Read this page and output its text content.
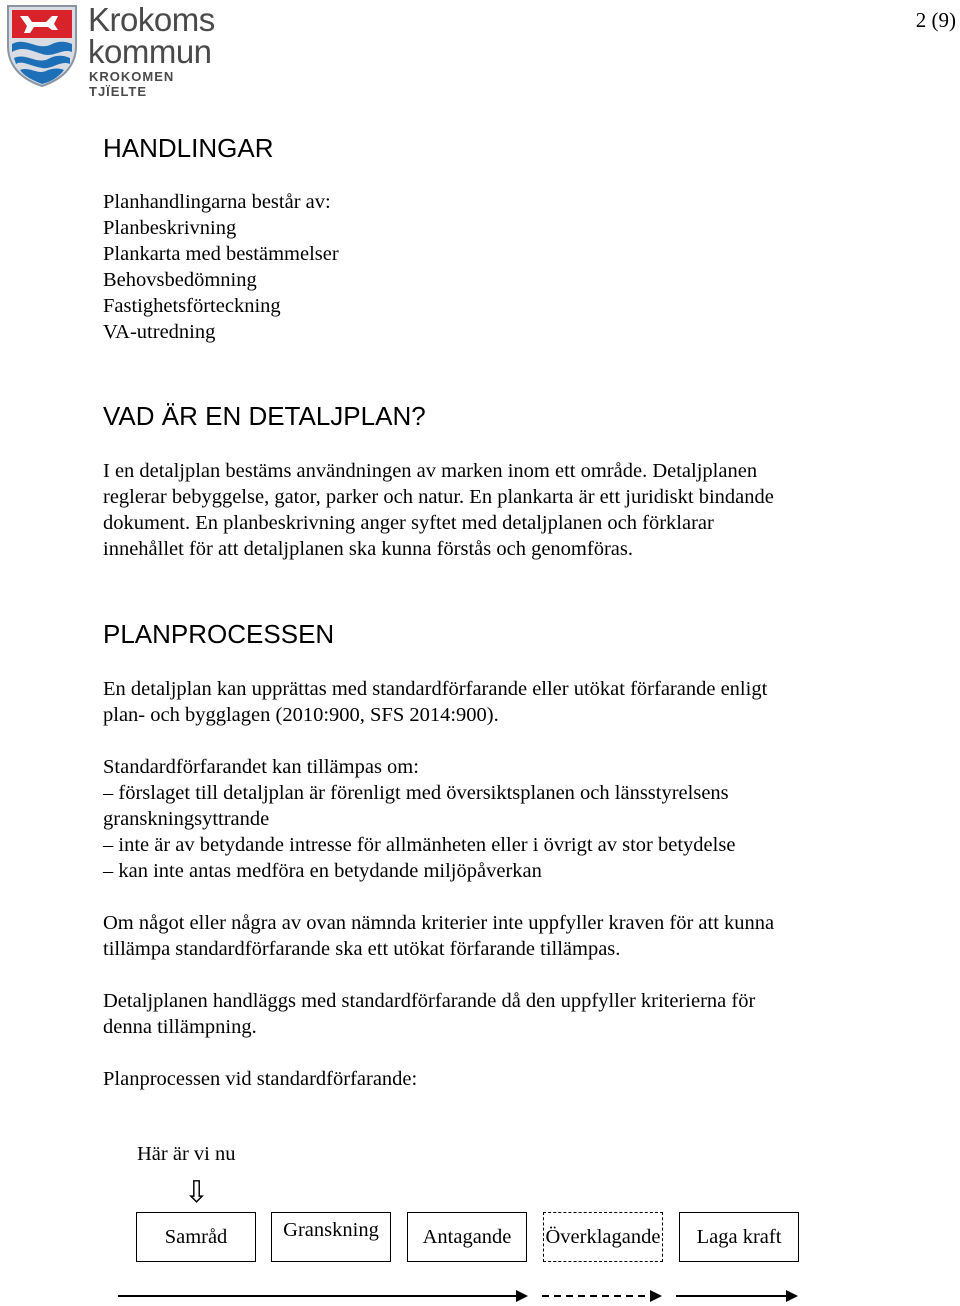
Krokoms
kommun
KROKOMEN TJÏELTE
2 (9)
HANDLINGAR
Planhandlingarna består av:
Planbeskrivning
Plankarta med bestämmelser
Behovsbedömning
Fastighetsförteckning
VA-utredning
VAD ÄR EN DETALJPLAN?
I en detaljplan bestäms användningen av marken inom ett område. Detaljplanen
reglerar bebyggelse, gator, parker och natur. En plankarta är ett juridiskt bindande
dokument. En planbeskrivning anger syftet med detaljplanen och förklarar
innehållet för att detaljplanen ska kunna förstås och genomföras.
PLANPROCESSEN
En detaljplan kan upprättas med standardförfarande eller utökat förfarande enligt
plan- och bygglagen (2010:900, SFS 2014:900).
Standardförfarandet kan tillämpas om:
– förslaget till detaljplan är förenligt med översiktsplanen och länsstyrelsens
granskningsyttrande
– inte är av betydande intresse för allmänheten eller i övrigt av stor betydelse
– kan inte antas medföra en betydande miljöpåverkan
Om något eller några av ovan nämnda kriterier inte uppfyller kraven för att kunna
tillämpa standardförfarande ska ett utökat förfarande tillämpas.
Detaljplanen handläggs med standardförfarande då den uppfyller kriterierna för
denna tillämpning.
Planprocessen vid standardförfarande:
Här är vi nu
⇩
Samråd	Granskning	Antagande	Överklagande	Laga kraft
